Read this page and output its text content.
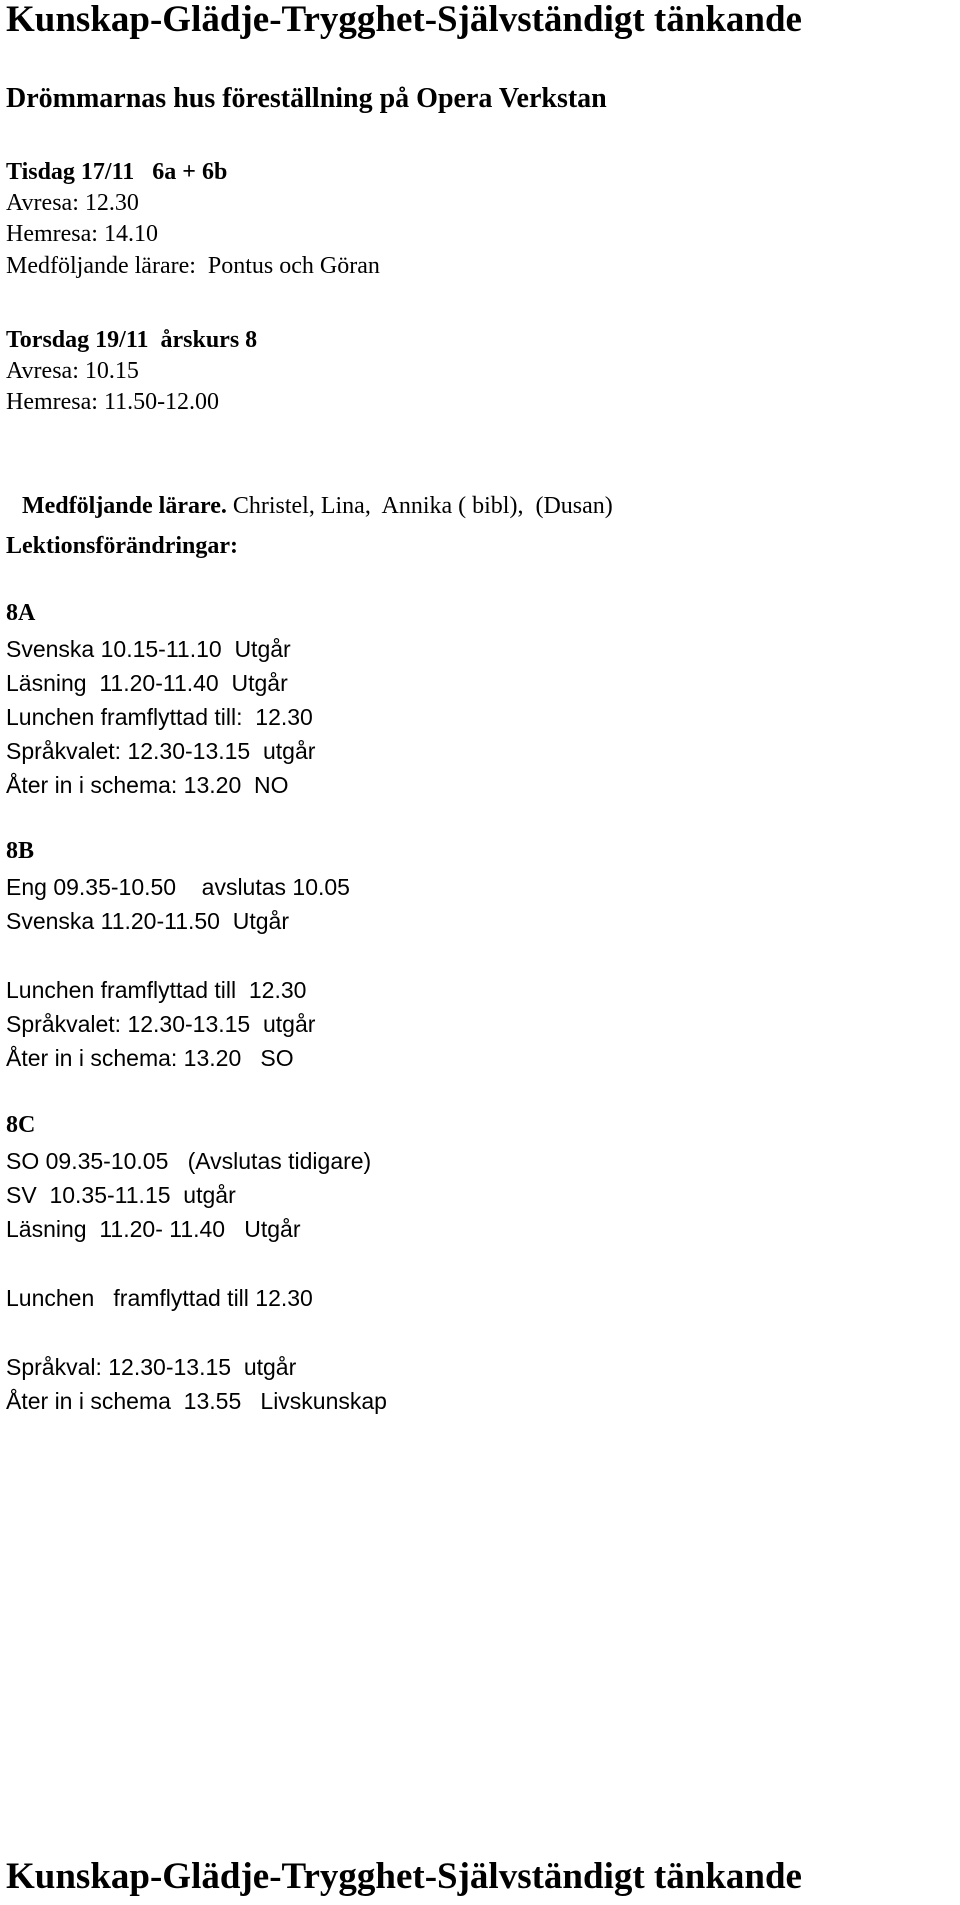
Kunskap-Glädje-Trygghet-Självständigt tänkande
Drömmarnas hus föreställning på Opera Verkstan
Tisdag 17/11   6a + 6b
Avresa: 12.30
Hemresa: 14.10
Medföljande lärare:  Pontus och Göran
Torsdag 19/11  årskurs 8
Avresa: 10.15
Hemresa: 11.50-12.00

Medföljande lärare. Christel, Lina,  Annika ( bibl),  (Dusan)

Lektionsförändringar:
8A
Svenska 10.15-11.10  Utgår
Läsning  11.20-11.40  Utgår
Lunchen framflyttad till:  12.30
Språkvalet: 12.30-13.15  utgår
Åter in i schema: 13.20  NO
8B
Eng 09.35-10.50    avslutas 10.05
Svenska 11.20-11.50  Utgår
Lunchen framflyttad till  12.30
Språkvalet: 12.30-13.15  utgår
Åter in i schema: 13.20   SO
8C
SO 09.35-10.05   (Avslutas tidigare)
SV  10.35-11.15  utgår
Läsning  11.20- 11.40   Utgår
Lunchen   framflyttad till 12.30
Språkval: 12.30-13.15  utgår
Åter in i schema  13.55   Livskunskap
Kunskap-Glädje-Trygghet-Självständigt tänkande
